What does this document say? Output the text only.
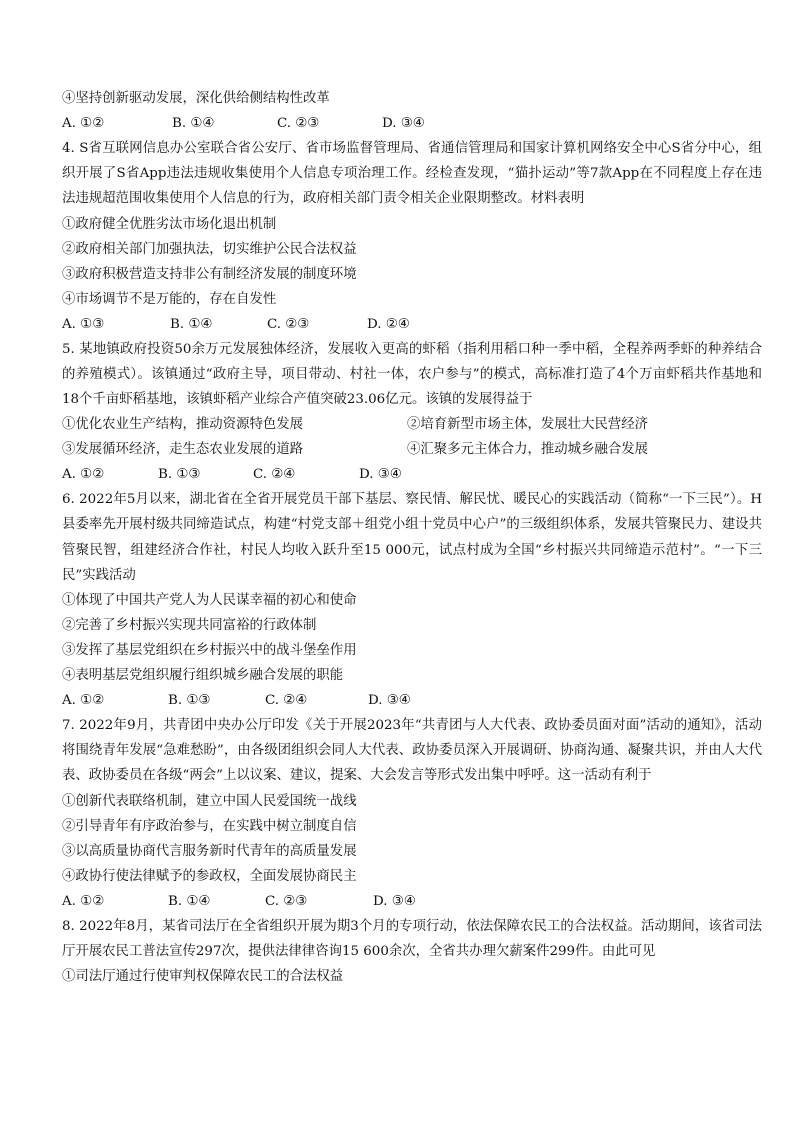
④坚持创新驱动发展，深化供给侧结构性改革
A. ①②	B. ①④	C. ②③	D. ③④
4. S省互联网信息办公室联合省公安厅、省市场监督管理局、省通信管理局和国家计算机网络安全中心S省分中心，组织开展了S省App违法违规收集使用个人信息专项治理工作。经检查发现，“猫扑运动”等7款App在不同程度上存在违法违规超范围收集使用个人信息的行为，政府相关部门责令相关企业限期整改。材料表明
①政府健全优胜劣汰市场化退出机制
②政府相关部门加强执法，切实维护公民合法权益
③政府积极营造支持非公有制经济发展的制度环境
④市场调节不是万能的，存在自发性
A. ①③	B. ①④	C. ②③	D. ②④
5. 某地镇政府投资50余万元发展独体经济，发展收入更高的虾稻（指利用稻口种一季中稻，全程养两季虾的种养结合的养殖模式）。该镇通过“政府主导，项目带动、村社一体，农户参与”的模式，高标准打造了4个万亩虾稻共作基地和18个千亩虾稻基地，该镇虾稻产业综合产值突破23.06亿元。该镇的发展得益于
①优化农业生产结构，推动资源特色发展	②培育新型市场主体，发展壮大民营经济
③发展循环经济，走生态农业发展的道路	④汇聚多元主体合力，推动城乡融合发展
A. ①②	B. ①③	C. ②④	D. ③④
6. 2022年5月以来，湖北省在全省开展党员干部下基层、察民情、解民忧、暖民心的实践活动（简称“一下三民”）。H县委率先开展村级共同缔造试点，构建“村党支部＋组党小组十党员中心户”的三级组织体系，发展共管聚民力、建设共管聚民智，组建经济合作社，村民人均收入跃升至15 000元，试点村成为全国“乡村振兴共同缔造示范村”。“一下三民”实践活动
①体现了中国共产党人为人民谋幸福的初心和使命
②完善了乡村振兴实现共同富裕的行政体制
③发挥了基层党组织在乡村振兴中的战斗堡垒作用
④表明基层党组织履行组织城乡融合发展的职能
A. ①②	B. ①③	C. ②④	D. ③④
7. 2022年9月，共青团中央办公厅印发《关于开展2023年“共青团与人大代表、政协委员面对面”活动的通知》，活动将围绕青年发展“急难愁盼”，由各级团组织会同人大代表、政协委员深入开展调研、协商沟通、凝聚共识，并由人大代表、政协委员在各级“两会”上以议案、建议，提案、大会发言等形式发出集中呼呼。这一活动有利于
①创新代表联络机制，建立中国人民爱国统一战线
②引导青年有序政治参与，在实践中树立制度自信
③以高质量协商代言服务新时代青年的高质量发展
④政协行使法律赋予的参政权，全面发展协商民主
A. ①②	B. ①④	C. ②③	D. ③④
8. 2022年8月，某省司法厅在全省组织开展为期3个月的专项行动，依法保障农民工的合法权益。活动期间，该省司法厅开展农民工普法宣传297次，提供法律律咨询15 600余次，全省共办理欠薪案件299件。由此可见
①司法厅通过行使审判权保障农民工的合法权益
